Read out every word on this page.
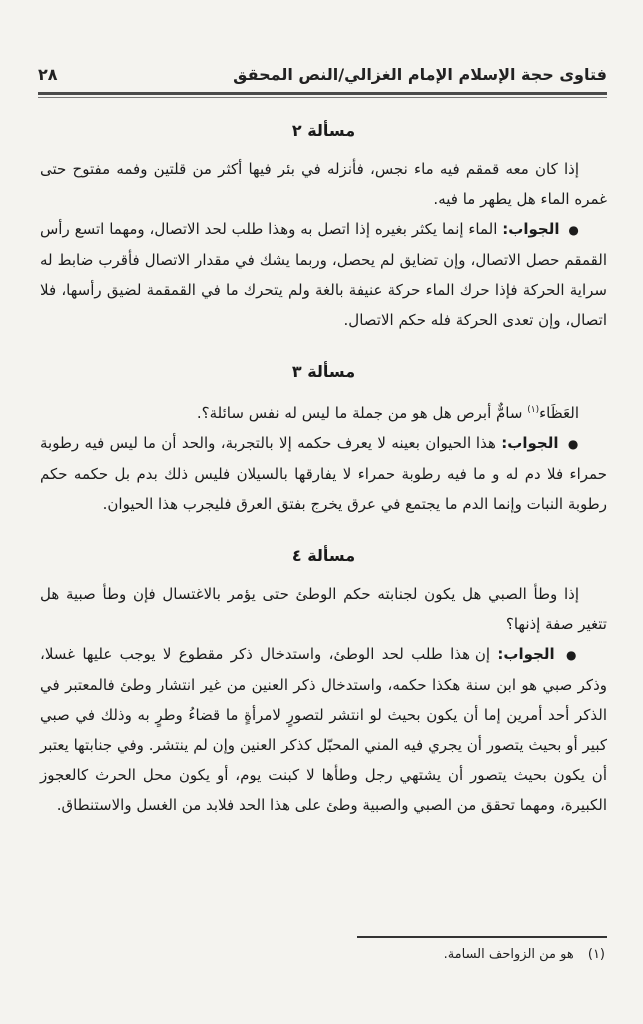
فتاوى حجة الإسلام الإمام الغزالي/النص المحقق
٢٨
مسألة ٢

إذا كان معه قمقم فيه ماء نجس، فأنزله في بئر فيها أكثر من قلتين وفمه مفتوح حتى غمره الماء هل يطهر ما فيه.

● الجواب: الماء إنما يكثر بغيره إذا اتصل به وهذا طلب لحد الاتصال، ومهما اتسع رأس القمقم حصل الاتصال، وإن تضايق لم يحصل، وربما يشك في مقدار الاتصال فأقرب ضابط له سراية الحركة فإذا حرك الماء حركة عنيفة بالغة ولم يتحرك ما في القمقمة لضيق رأسها، فلا اتصال، وإن تعدى الحركة فله حكم الاتصال.

مسألة ٣

العَظَاء$^{(١)}$ سامٌّ أبرص هل هو من جملة ما ليس له نفس سائلة؟.

● الجواب: هذا الحيوان بعينه لا يعرف حكمه إلا بالتجربة، والحد أن ما ليس فيه رطوبة حمراء فلا دم له و ما فيه رطوبة حمراء لا يفارقها بالسيلان فليس ذلك بدم بل حكمه حكم رطوبة النبات وإنما الدم ما يجتمع في عرق يخرج بفتق العرق فليجرب هذا الحيوان.

مسألة ٤

إذا وطأ الصبي هل يكون لجنابته حكم الوطئ حتى يؤمر بالاغتسال فإن وطأ صبية هل تتغير صفة إذنها؟

● الجواب: إن هذا طلب لحد الوطئ، واستدخال ذكر مقطوع لا يوجب عليها غسلا، وذكر صبي هو ابن سنة هكذا حكمه، واستدخال ذكر العنين من غير انتشار وطئ فالمعتبر في الذكر أحد أمرين إما أن يكون بحيث لو انتشر لتصورٍ لامرأةٍ ما قضاءُ وطرٍ به وذلك في صبي كبير أو بحيث يتصور أن يجري فيه المني المحبّل كذكر العنين وإن لم ينتشر. وفي جنابتها يعتبر أن يكون بحيث يتصور أن يشتهي رجل وطأها لا كبنت يوم، أو يكون محل الحرث كالعجوز الكبيرة، ومهما تحقق من الصبي والصبية وطئ على هذا الحد فلابد من الغسل والاستنطاق.

(١) هو من الزواحف السامة.
